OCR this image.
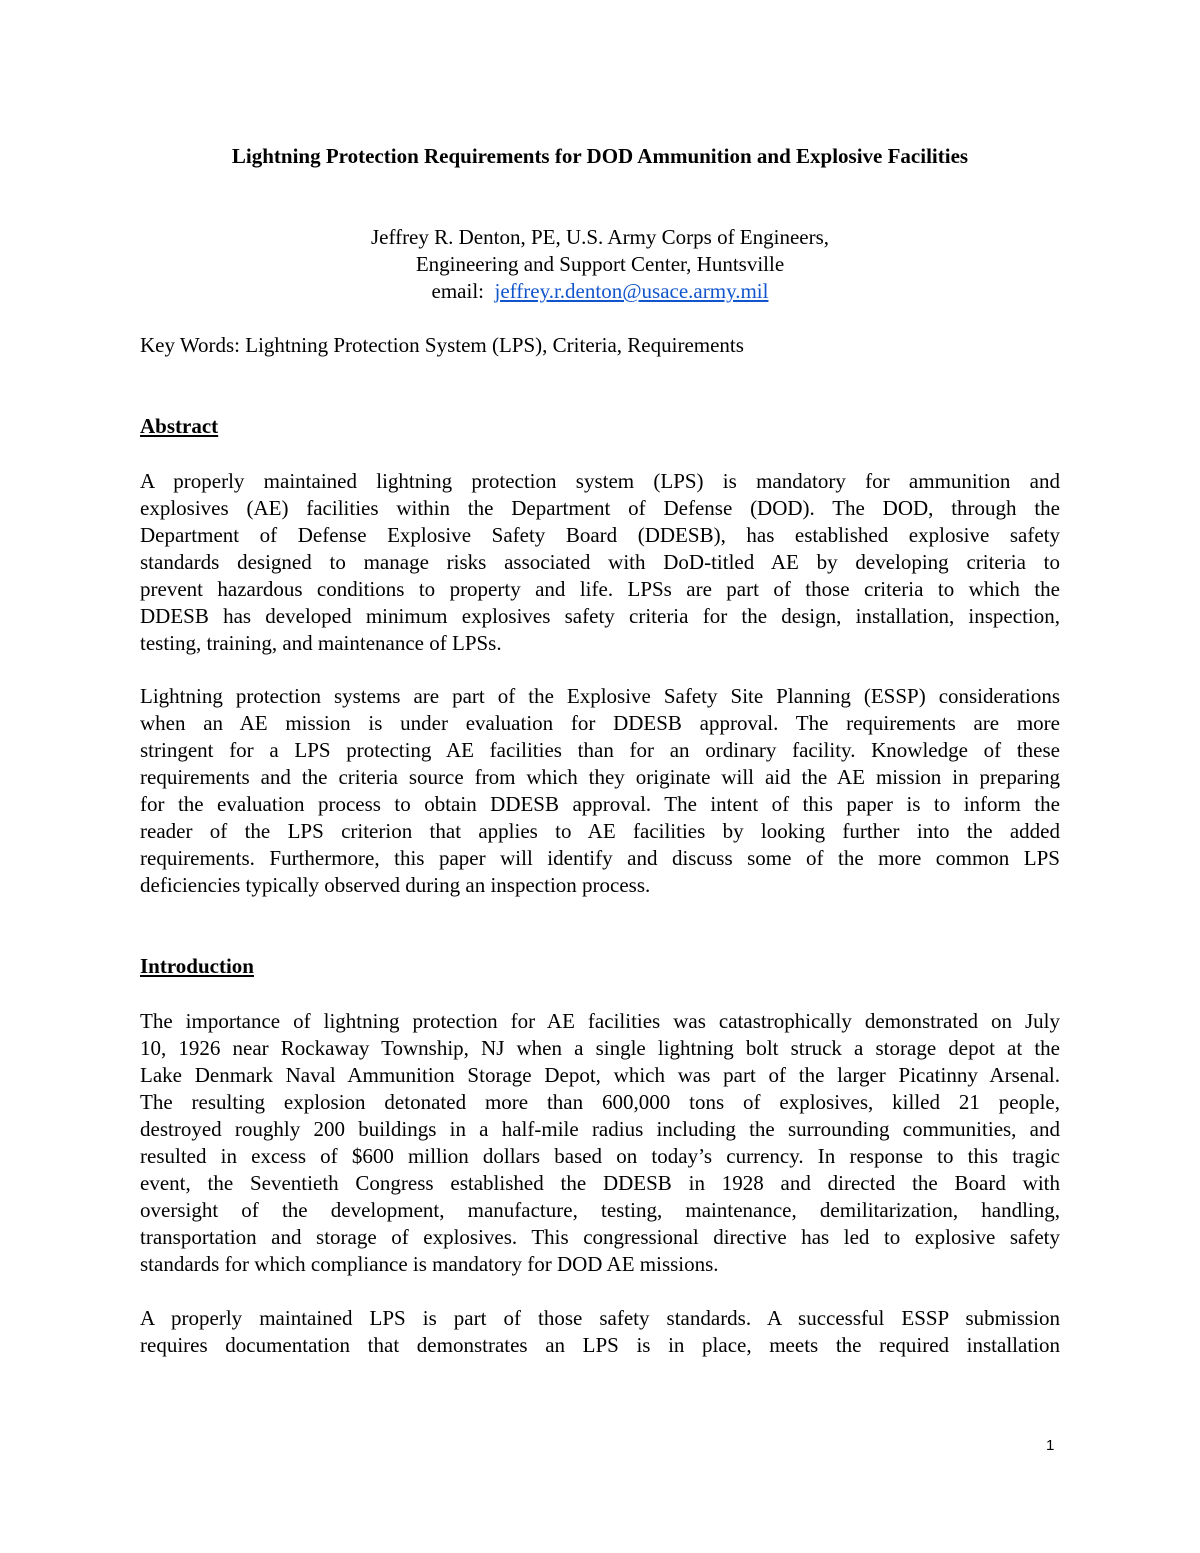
Lightning Protection Requirements for DOD Ammunition and Explosive Facilities
Jeffrey R. Denton, PE, U.S. Army Corps of Engineers,
Engineering and Support Center, Huntsville
email: jeffrey.r.denton@usace.army.mil
Key Words: Lightning Protection System (LPS), Criteria, Requirements
Abstract
A properly maintained lightning protection system (LPS) is mandatory for ammunition and
explosives (AE) facilities within the Department of Defense (DOD). The DOD, through the
Department of Defense Explosive Safety Board (DDESB), has established explosive safety
standards designed to manage risks associated with DoD-titled AE by developing criteria to
prevent hazardous conditions to property and life. LPSs are part of those criteria to which the
DDESB has developed minimum explosives safety criteria for the design, installation, inspection,
testing, training, and maintenance of LPSs.
Lightning protection systems are part of the Explosive Safety Site Planning (ESSP) considerations
when an AE mission is under evaluation for DDESB approval. The requirements are more
stringent for a LPS protecting AE facilities than for an ordinary facility. Knowledge of these
requirements and the criteria source from which they originate will aid the AE mission in preparing
for the evaluation process to obtain DDESB approval. The intent of this paper is to inform the
reader of the LPS criterion that applies to AE facilities by looking further into the added
requirements. Furthermore, this paper will identify and discuss some of the more common LPS
deficiencies typically observed during an inspection process.
Introduction
The importance of lightning protection for AE facilities was catastrophically demonstrated on July
10, 1926 near Rockaway Township, NJ when a single lightning bolt struck a storage depot at the
Lake Denmark Naval Ammunition Storage Depot, which was part of the larger Picatinny Arsenal.
The resulting explosion detonated more than 600,000 tons of explosives, killed 21 people,
destroyed roughly 200 buildings in a half-mile radius including the surrounding communities, and
resulted in excess of $600 million dollars based on today’s currency. In response to this tragic
event, the Seventieth Congress established the DDESB in 1928 and directed the Board with
oversight of the development, manufacture, testing, maintenance, demilitarization, handling,
transportation and storage of explosives. This congressional directive has led to explosive safety
standards for which compliance is mandatory for DOD AE missions.
A properly maintained LPS is part of those safety standards. A successful ESSP submission
requires documentation that demonstrates an LPS is in place, meets the required installation
1
